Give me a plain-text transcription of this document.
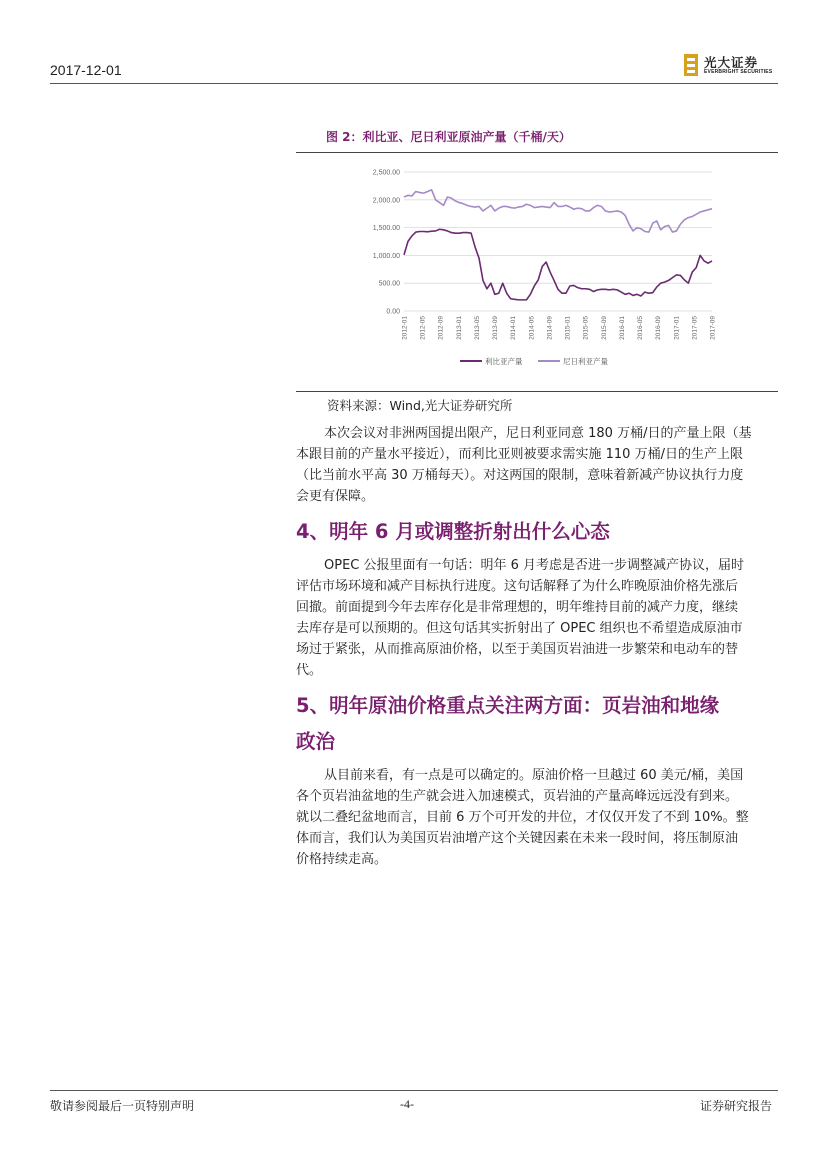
2017-12-01	光大证券
EVERBRIGHT SECURITIES
图 2：利比亚、尼日利亚原油产量（千桶/天）
0.00
500.00
1,000.00
1,500.00
2,000.00
2,500.00
2012-01 2012-05 2012-09 2013-01 2013-05 2013-09 2014-01 2014-05 2014-09 2015-01 2015-05 2015-09 2016-01 2016-05 2016-09 2017-01 2017-05 2017-09
利比亚产量	尼日利亚产量
资料来源：Wind,光大证券研究所
本次会议对非洲两国提出限产，尼日利亚同意 180 万桶/日的产量上限（基
本跟目前的产量水平接近），而利比亚则被要求需实施 110 万桶/日的生产上限
（比当前水平高 30 万桶每天）。对这两国的限制，意味着新减产协议执行力度
会更有保障。
4、明年 6 月或调整折射出什么心态
OPEC 公报里面有一句话：明年 6 月考虑是否进一步调整减产协议，届时
评估市场环境和减产目标执行进度。这句话解释了为什么昨晚原油价格先涨后
回撤。前面提到今年去库存化是非常理想的，明年维持目前的减产力度，继续
去库存是可以预期的。但这句话其实折射出了 OPEC 组织也不希望造成原油市
场过于紧张，从而推高原油价格，以至于美国页岩油进一步繁荣和电动车的替
代。
5、明年原油价格重点关注两方面：页岩油和地缘
政治
从目前来看，有一点是可以确定的。原油价格一旦越过 60 美元/桶，美国
各个页岩油盆地的生产就会进入加速模式，页岩油的产量高峰远远没有到来。
就以二叠纪盆地而言，目前 6 万个可开发的井位，才仅仅开发了不到 10%。整
体而言，我们认为美国页岩油增产这个关键因素在未来一段时间，将压制原油
价格持续走高。
敬请参阅最后一页特别声明	-4-	证券研究报告
